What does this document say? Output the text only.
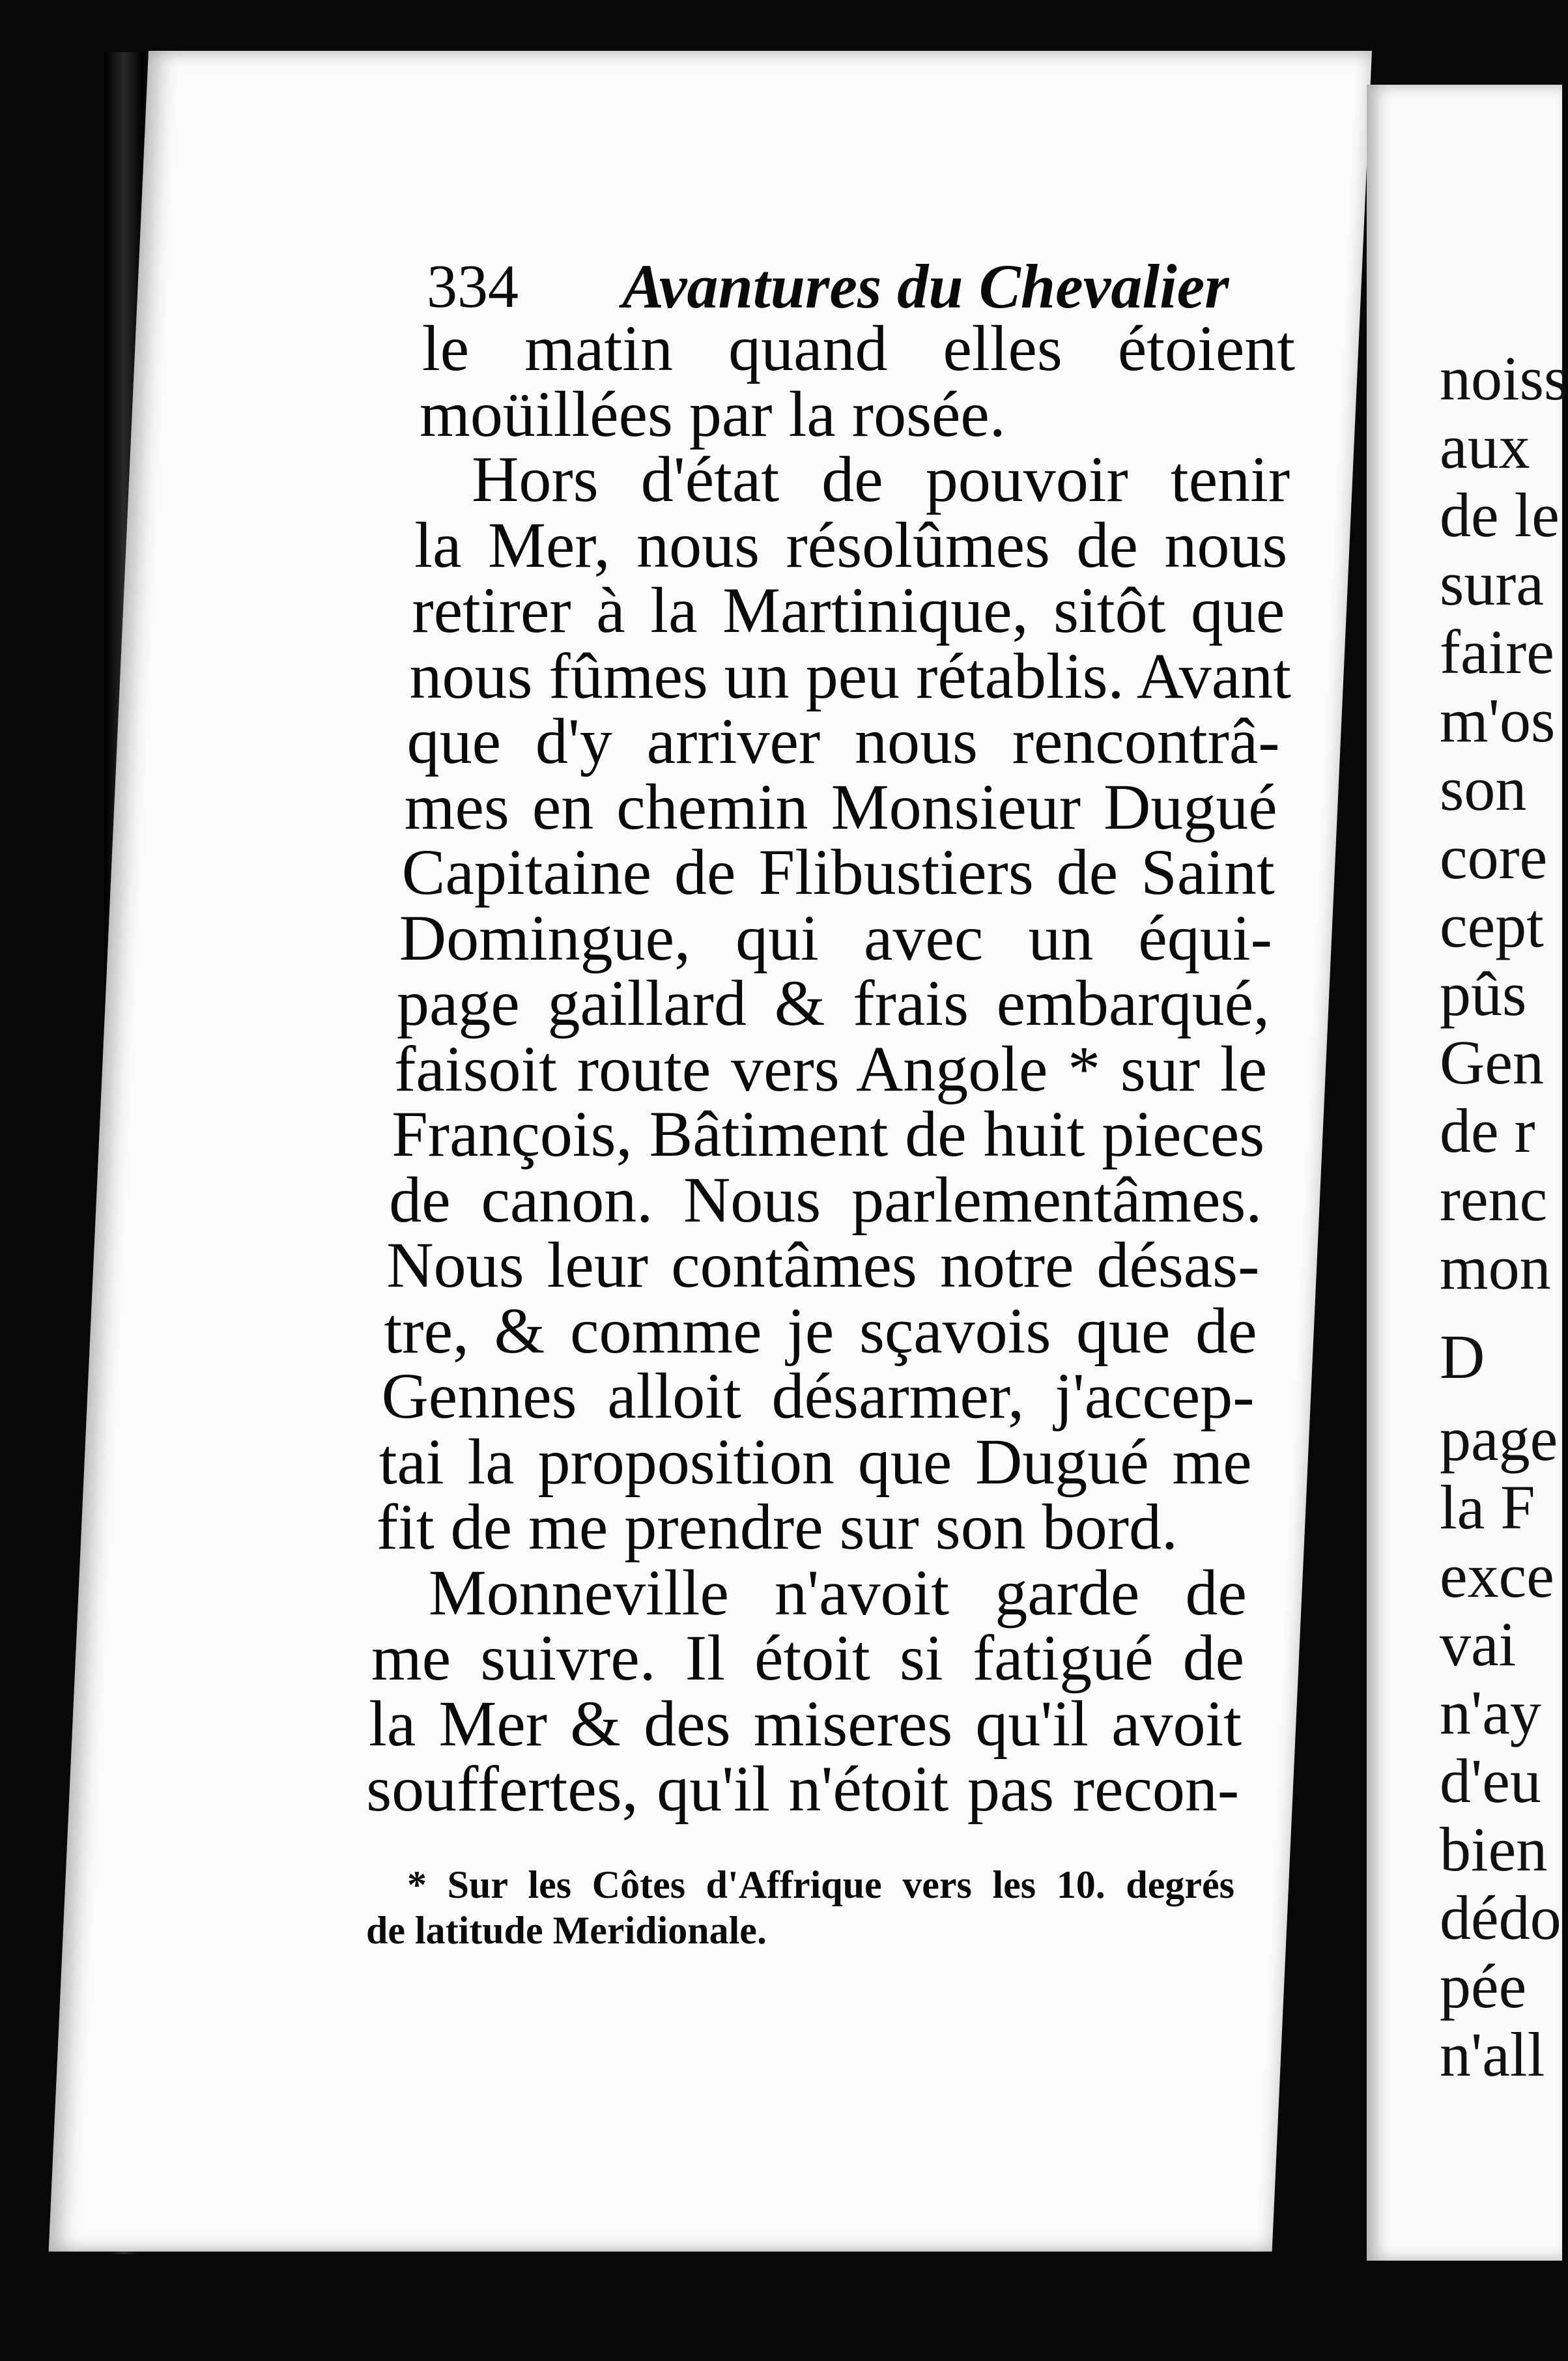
334 Avantures du Chevalier
le matin quand elles étoient
moüillées par la rosée.
Hors d'état de pouvoir tenir
la Mer, nous résolûmes de nous
retirer à la Martinique, sitôt que
nous fûmes un peu rétablis. Avant
que d'y arriver nous rencontrâ-
mes en chemin Monsieur Dugué
Capitaine de Flibustiers de Saint
Domingue, qui avec un équi-
page gaillard & frais embarqué,
faisoit route vers Angole * sur le
François, Bâtiment de huit pieces
de canon. Nous parlementâmes.
Nous leur contâmes notre désas-
tre, & comme je sçavois que de
Gennes alloit désarmer, j'accep-
tai la proposition que Dugué me
fit de me prendre sur son bord.
Monneville n'avoit garde de
me suivre. Il étoit si fatigué de
la Mer & des miseres qu'il avoit
souffertes, qu'il n'étoit pas recon-
* Sur les Côtes d'Affrique vers les 10. degrés
de latitude Meridionale.
noiss
aux
de le
sura
faire
m'os
son
core
cept
pûs
Gen
de r
renc
mon
D
page
la F
exce
vai
n'ay
d'eu
bien
dédo
pée
n'all
